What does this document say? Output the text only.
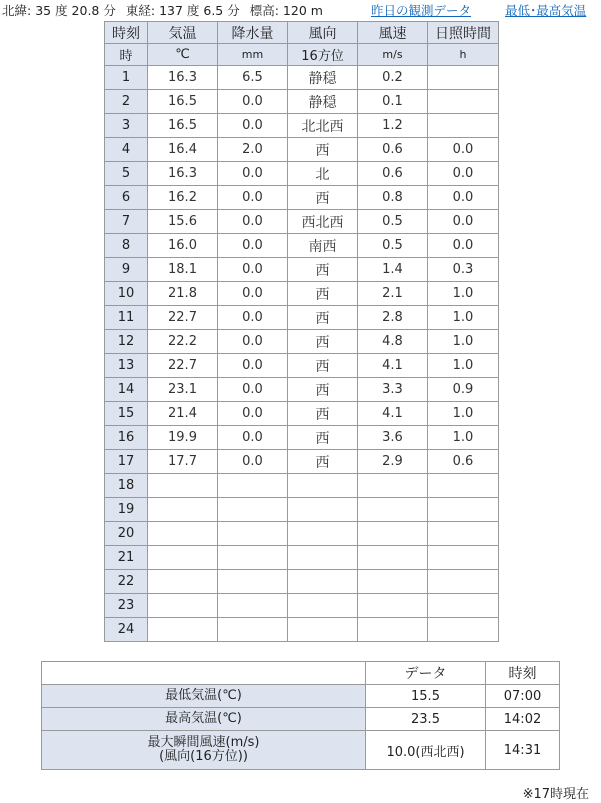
北緯: 35 度 20.8 分 東経: 137 度 6.5 分 標高: 120 m	昨日の観測データ	最低･最高気温
時刻	気温	降水量	風向	風速	日照時間
時	℃	mm	16方位	m/s	h
1	16.3	6.5	静穏	0.2	
2	16.5	0.0	静穏	0.1	
3	16.5	0.0	北北西	1.2	
4	16.4	2.0	西	0.6	0.0
5	16.3	0.0	北	0.6	0.0
6	16.2	0.0	西	0.8	0.0
7	15.6	0.0	西北西	0.5	0.0
8	16.0	0.0	南西	0.5	0.0
9	18.1	0.0	西	1.4	0.3
10	21.8	0.0	西	2.1	1.0
11	22.7	0.0	西	2.8	1.0
12	22.2	0.0	西	4.8	1.0
13	22.7	0.0	西	4.1	1.0
14	23.1	0.0	西	3.3	0.9
15	21.4	0.0	西	4.1	1.0
16	19.9	0.0	西	3.6	1.0
17	17.7	0.0	西	2.9	0.6
18					
19					
20					
21					
22					
23					
24					
	データ	時刻
最低気温(℃)	15.5	07:00
最高気温(℃)	23.5	14:02

最大瞬間風速(m/s)
(風向(16方位))	10.0(西北西)	14:31
※17時現在
